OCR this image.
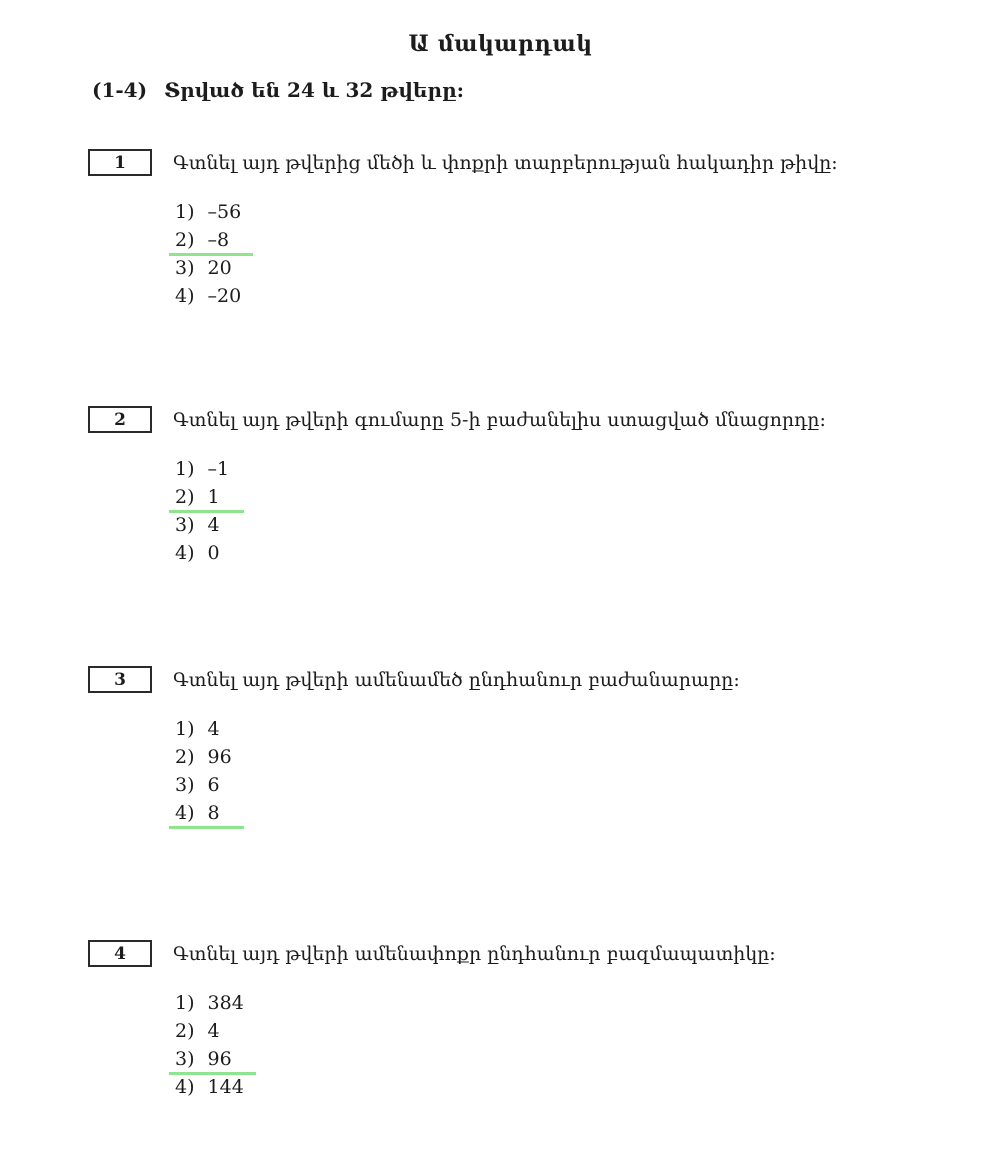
Ա մակարդակ
(1-4) Տրված են 24 և 32 թվերը:
1 Գտնել այդ թվերից մեծի և փոքրի տարբերության հակադիր թիվը:
1) –56
2) –8
3) 20
4) –20
2 Գտնել այդ թվերի գումարը 5-ի բաժանելիս ստացված մնացորդը:
1) –1
2) 1
3) 4
4) 0
3 Գտնել այդ թվերի ամենամեծ ընդհանուր բաժանարարը:
1) 4
2) 96
3) 6
4) 8
4 Գտնել այդ թվերի ամենափոքր ընդհանուր բազմապատիկը:
1) 384
2) 4
3) 96
4) 144
